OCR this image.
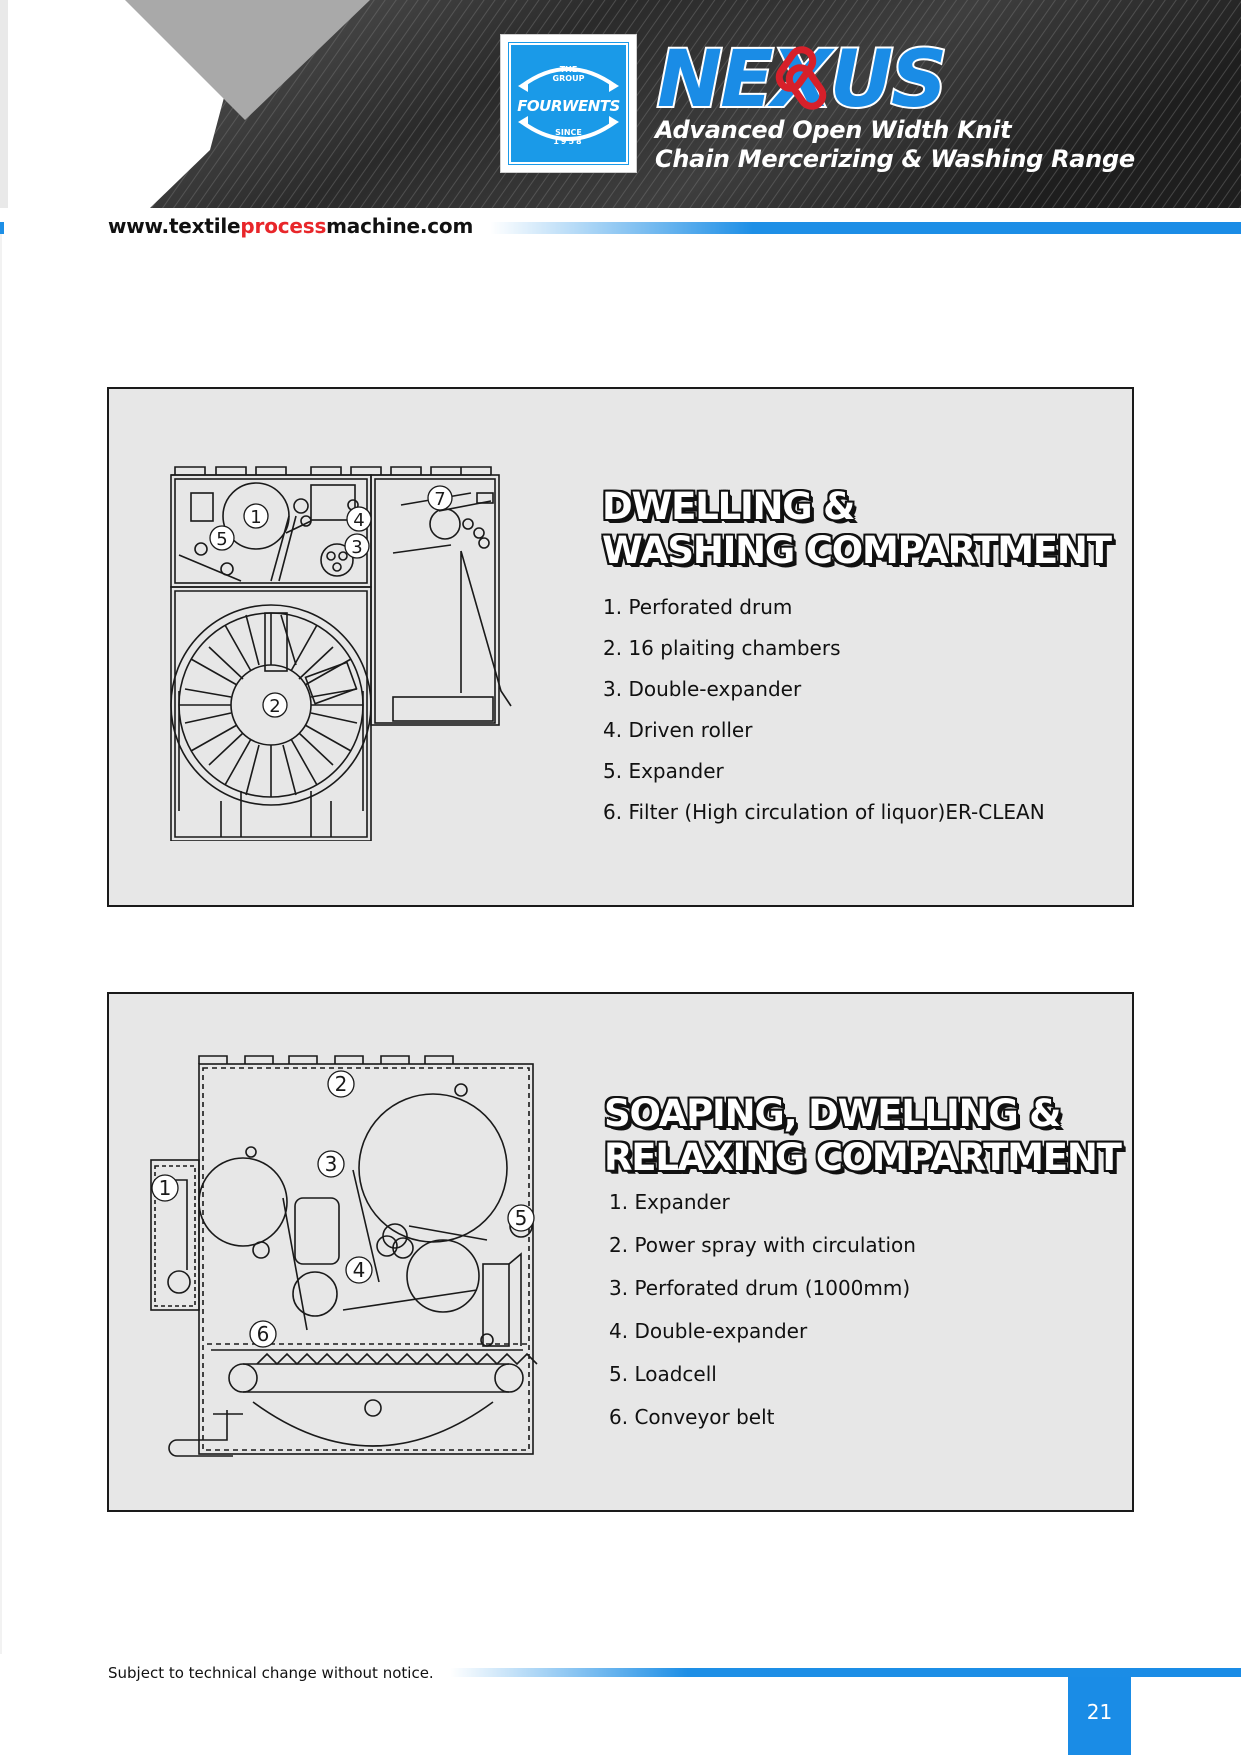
THE
GROUP
FOURWENTS
SINCE
1958
NEXUS
Advanced Open Width Knit
Chain Mercerizing & Washing Range
www.textileprocessmachine.com
1
2
3
4
5
7	DWELLING &
WASHING COMPARTMENT
1. Perforated drum
2. 16 plaiting chambers
3. Double-expander
4. Driven roller
5. Expander
6. Filter (High circulation of liquor)ER-CLEAN
1
2
3
4
5
6
SOAPING, DWELLING &
RELAXING COMPARTMENT
1. Expander
2. Power spray with circulation
3. Perforated drum (1000mm)
4. Double-expander
5. Loadcell
6. Conveyor belt
Subject to technical change without notice.
21
